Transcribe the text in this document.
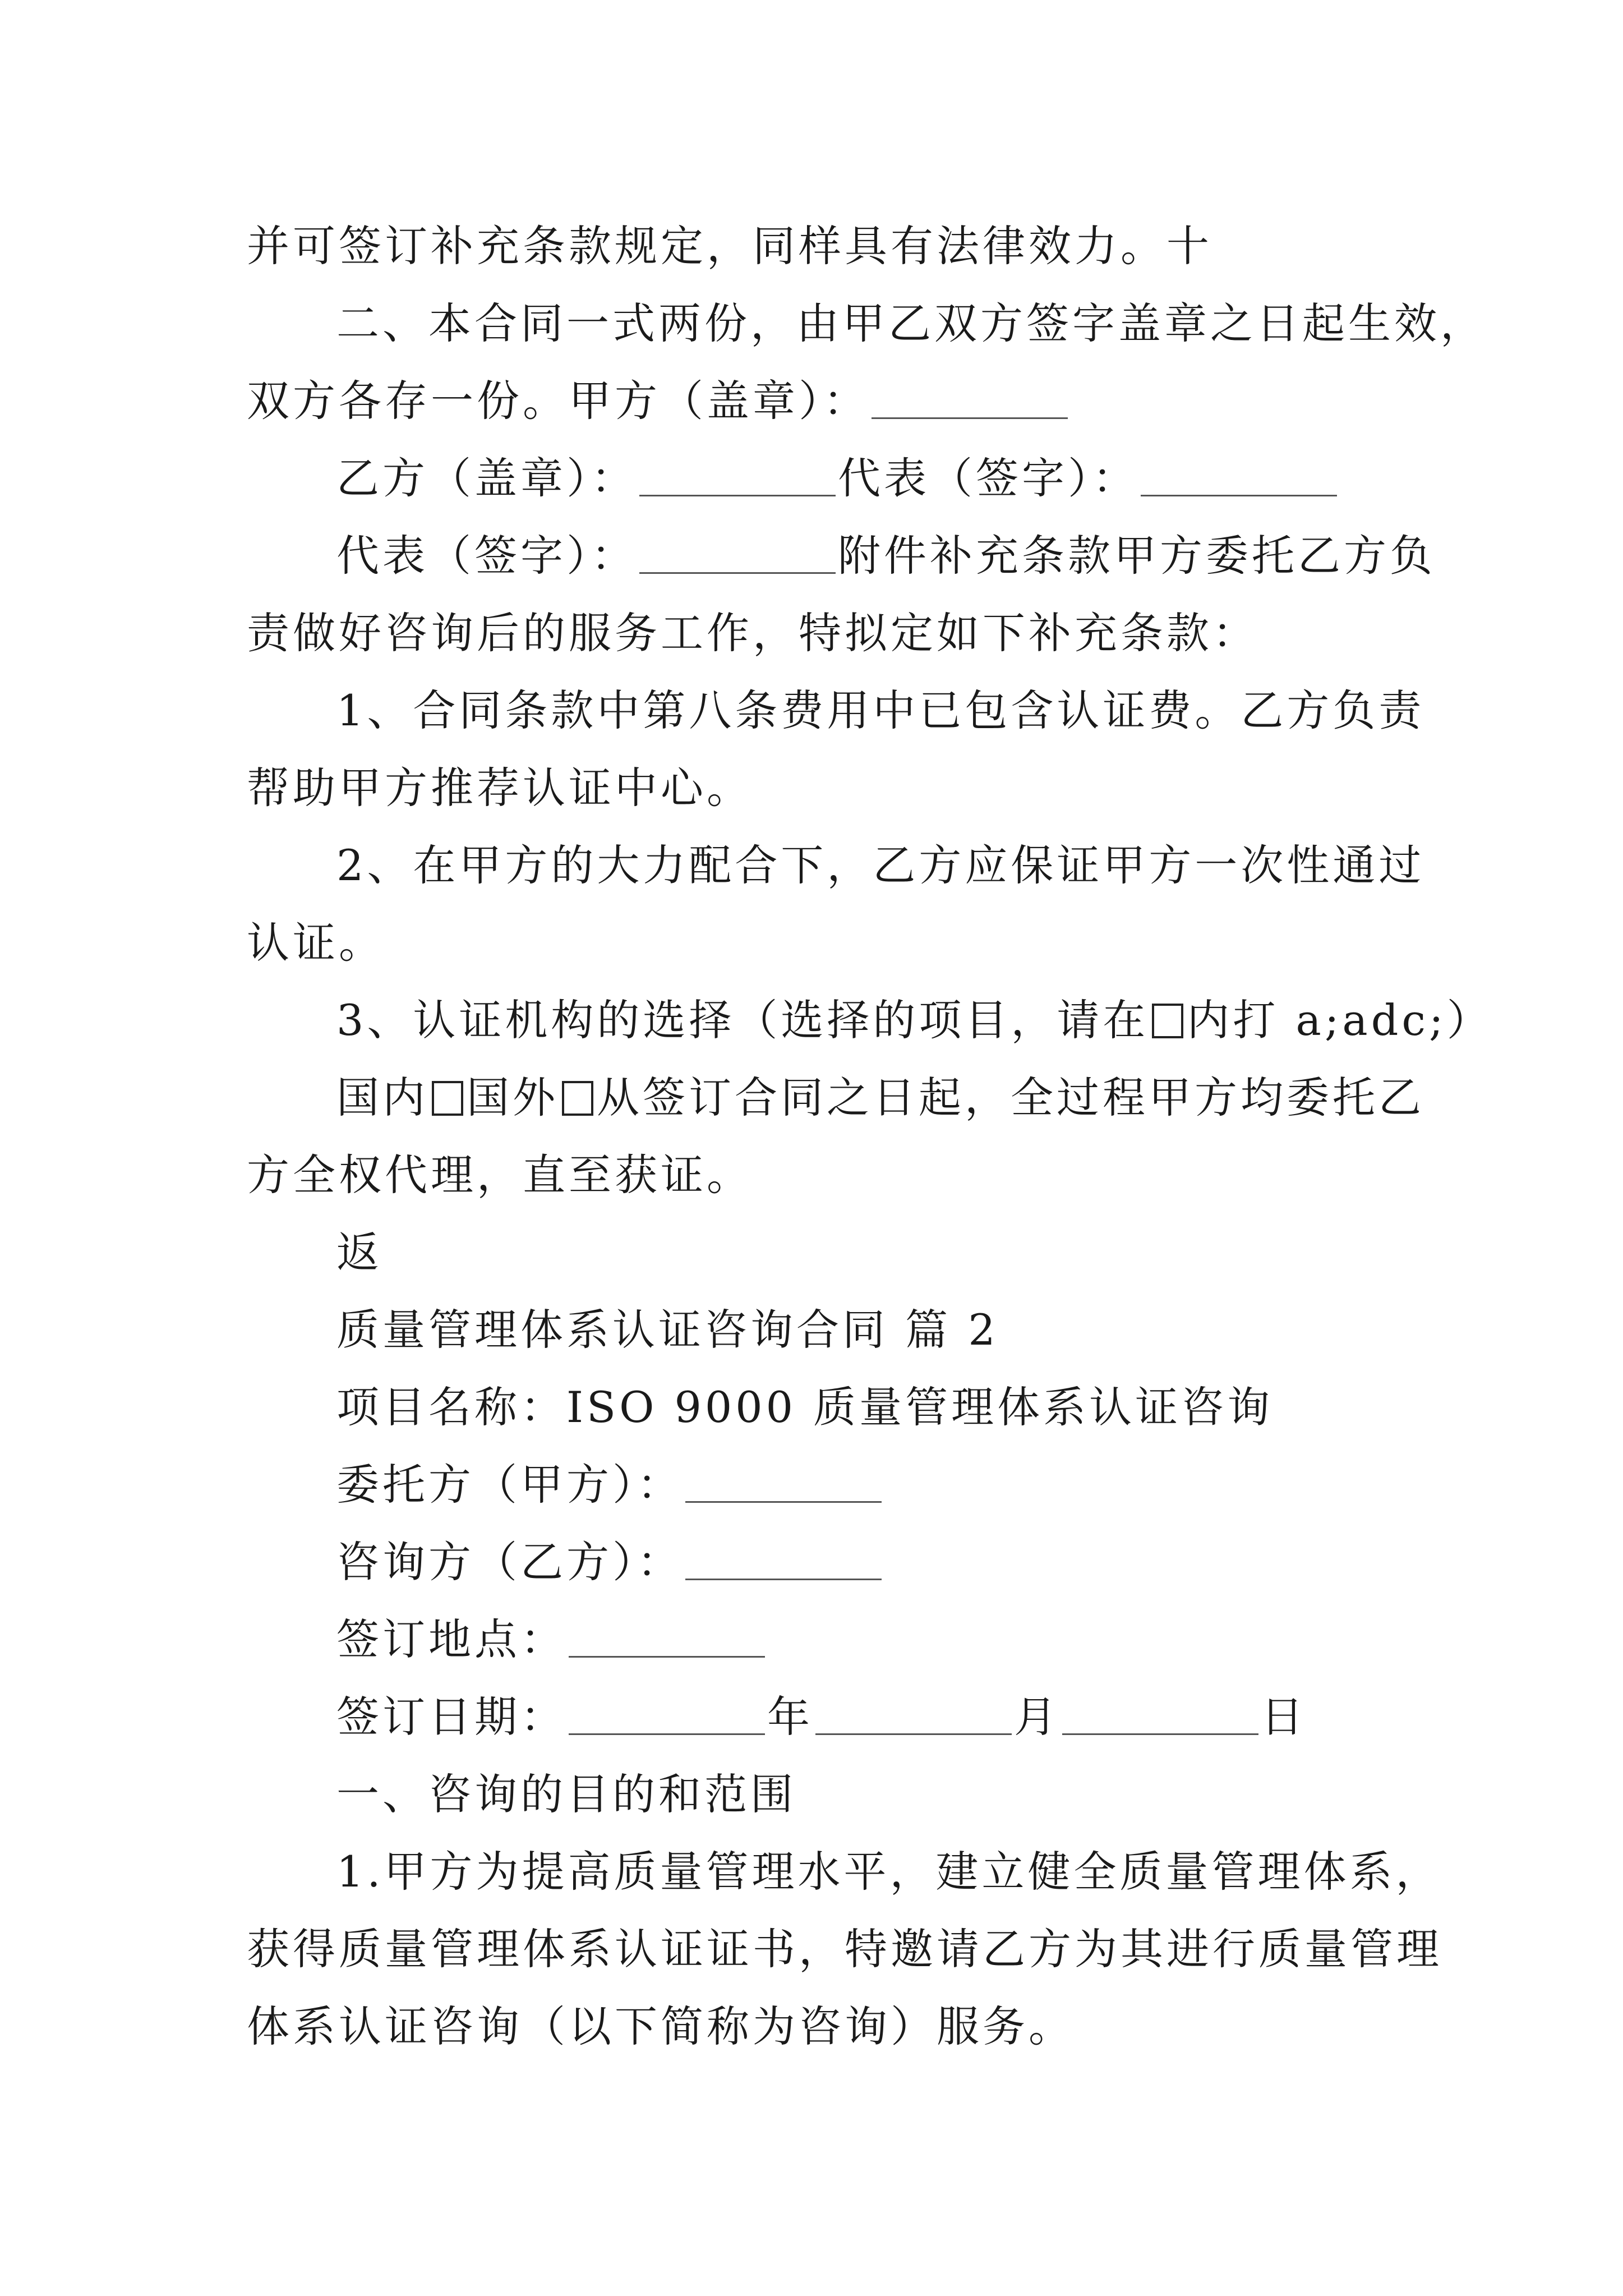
并可签订补充条款规定，同样具有法律效力。十
二、本合同一式两份，由甲乙双方签字盖章之日起生效，
双方各存一份。甲方（盖章）：
乙方（盖章）：	代表（签字）：
代表（签字）：	附件补充条款甲方委托乙方负
责做好咨询后的服务工作，特拟定如下补充条款：
1、合同条款中第八条费用中已包含认证费。乙方负责
帮助甲方推荐认证中心。
2、在甲方的大力配合下，乙方应保证甲方一次性通过
认证。
3、认证机构的选择（选择的项目，请在 内打 a;adc;）
国内 国外 从签订合同之日起，全过程甲方均委托乙
方全权代理，直至获证。
返
质量管理体系认证咨询合同 篇 2
项目名称：ISO 9000 质量管理体系认证咨询
委托方（甲方）：
咨询方（乙方）：
签订地点：
签订日期：	年	月	日
一、咨询的目的和范围
1.甲方为提高质量管理水平，建立健全质量管理体系，
获得质量管理体系认证证书，特邀请乙方为其进行质量管理
体系认证咨询（以下简称为咨询）服务。
